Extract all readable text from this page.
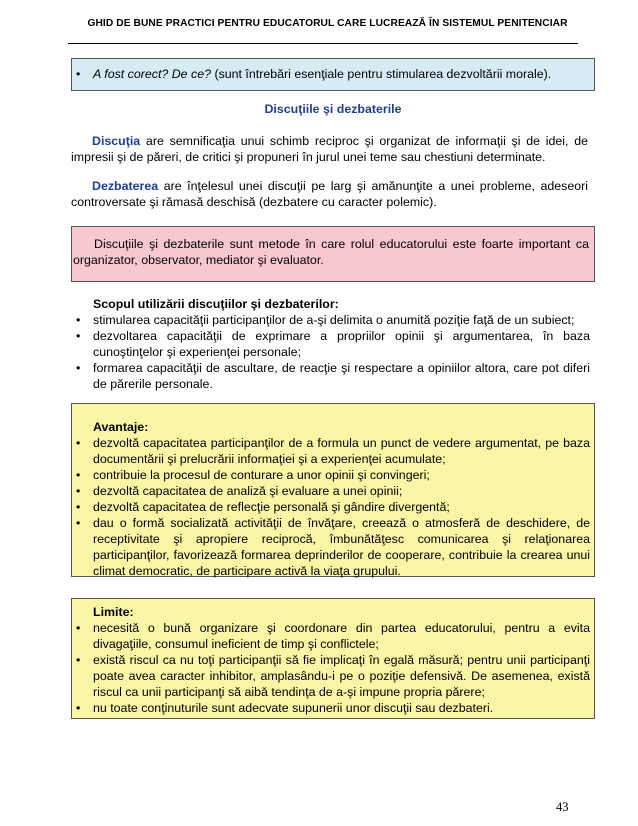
GHID DE BUNE PRACTICI PENTRU EDUCATORUL CARE LUCREAZĂ ÎN SISTEMUL PENITENCIAR
• A fost corect? De ce? (sunt întrebări esenţiale pentru stimularea dezvoltării morale).
Discuţiile şi dezbaterile
Discuţia are semnificaţia unui schimb reciproc şi organizat de informaţii şi de idei, de impresii şi de păreri, de critici şi propuneri în jurul unei teme sau chestiuni determinate.
Dezbaterea are înţelesul unei discuţii pe larg şi amănunţite a unei probleme, adeseori controversate şi rămasă deschisă (dezbatere cu caracter polemic).
Discuţiile şi dezbaterile sunt metode în care rolul educatorului este foarte important ca organizator, observator, mediator şi evaluator.
Scopul utilizării discuţiilor şi dezbaterilor:
• stimularea capacităţii participanţilor de a-şi delimita o anumită poziţie faţă de un subiect;
• dezvoltarea capacităţii de exprimare a propriilor opinii şi argumentarea, în baza cunoştinţelor şi experienţei personale;
• formarea capacităţii de ascultare, de reacţie şi respectare a opiniilor altora, care pot diferi de părerile personale.
Avantaje:
• dezvoltă capacitatea participanţilor de a formula un punct de vedere argumentat, pe baza documentării şi prelucrării informaţiei şi a experienţei acumulate;
• contribuie la procesul de conturare a unor opinii şi convingeri;
• dezvoltă capacitatea de analiză şi evaluare a unei opinii;
• dezvoltă capacitatea de reflecţie personală şi gândire divergentă;
• dau o formă socializată activităţii de învăţare, creează o atmosferă de deschidere, de receptivitate şi apropiere reciprocă, îmbunătăţesc comunicarea şi relaţionarea participanţilor, favorizează formarea deprinderilor de cooperare, contribuie la crearea unui climat democratic, de participare activă la viaţa grupului.
Limite:
• necesită o bună organizare şi coordonare din partea educatorului, pentru a evita divagaţiile, consumul ineficient de timp şi conflictele;
• există riscul ca nu toţi participanţii să fie implicaţi în egală măsură; pentru unii participanţi poate avea caracter inhibitor, amplasându-i pe o poziţie defensivă. De asemenea, există riscul ca unii participanţi să aibă tendinţa de a-şi impune propria părere;
• nu toate conţinuturile sunt adecvate supunerii unor discuţii sau dezbateri.
43
